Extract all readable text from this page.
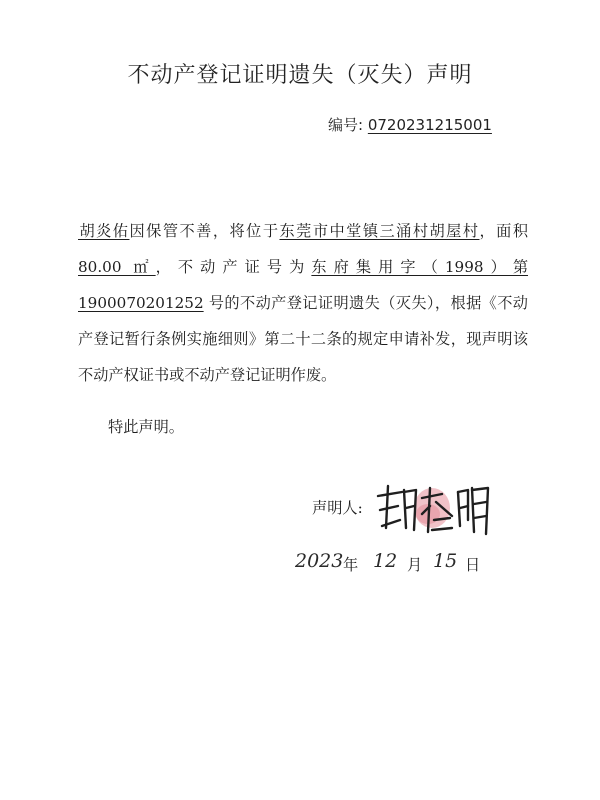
不动产登记证明遗失（灭失）声明
编号: 0720231215001

胡炎佑因保管不善，将位于东莞市中堂镇三涌村胡屋村，面积80.00 ㎡，不动产证号为东府集用字（1998）第 1900070201252 号的不动产登记证明遗失（灭失），根据《不动产登记暂行条例实施细则》第二十二条的规定申请补发，现声明该不动产权证书或不动产登记证明作废。

特此声明。
声明人:
2023 年 12 月 15 日
